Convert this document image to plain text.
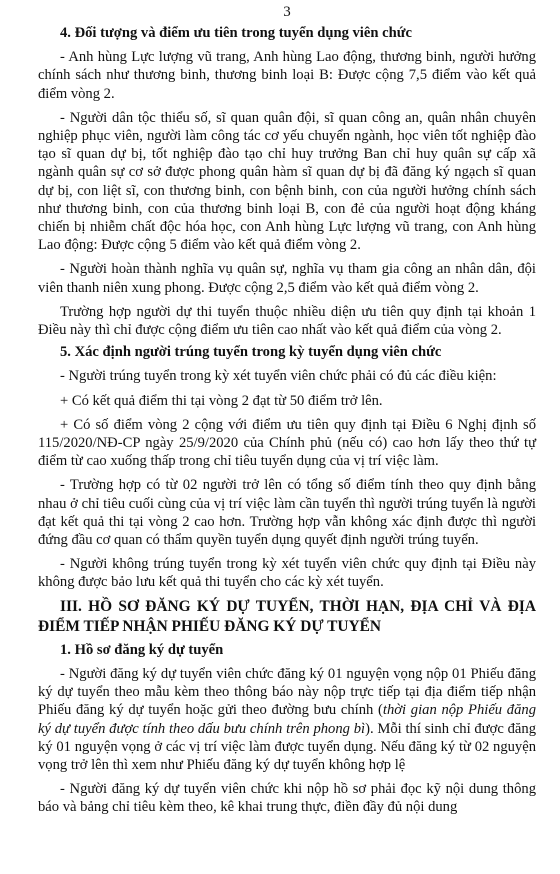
3

4. Đối tượng và điểm ưu tiên trong tuyển dụng viên chức

- Anh hùng Lực lượng vũ trang, Anh hùng Lao động, thương binh, người hưởng chính sách như thương binh, thương binh loại B: Được cộng 7,5 điểm vào kết quả điểm vòng 2.

- Người dân tộc thiểu số, sĩ quan quân đội, sĩ quan công an, quân nhân chuyên nghiệp phục viên, người làm công tác cơ yếu chuyển ngành, học viên tốt nghiệp đào tạo sĩ quan dự bị, tốt nghiệp đào tạo chỉ huy trưởng Ban chỉ huy quân sự cấp xã ngành quân sự cơ sở được phong quân hàm sĩ quan dự bị đã đăng ký ngạch sĩ quan dự bị, con liệt sĩ, con thương binh, con bệnh binh, con của người hưởng chính sách như thương binh, con của thương binh loại B, con đẻ của người hoạt động kháng chiến bị nhiễm chất độc hóa học, con Anh hùng Lực lượng vũ trang, con Anh hùng Lao động: Được cộng 5 điểm vào kết quả điểm vòng 2.

- Người hoàn thành nghĩa vụ quân sự, nghĩa vụ tham gia công an nhân dân, đội viên thanh niên xung phong. Được cộng 2,5 điểm vào kết quả điểm vòng 2.

Trường hợp người dự thi tuyển thuộc nhiều diện ưu tiên quy định tại khoản 1 Điều này thì chỉ được cộng điểm ưu tiên cao nhất vào kết quả điểm của vòng 2.

5. Xác định người trúng tuyển trong kỳ tuyển dụng viên chức

- Người trúng tuyển trong kỳ xét tuyển viên chức phải có đủ các điều kiện:

+ Có kết quả điểm thi tại vòng 2 đạt từ 50 điểm trở lên.

+ Có số điểm vòng 2 cộng với điểm ưu tiên quy định tại Điều 6 Nghị định số 115/2020/NĐ-CP ngày 25/9/2020 của Chính phủ (nếu có) cao hơn lấy theo thứ tự điểm từ cao xuống thấp trong chỉ tiêu tuyển dụng của vị trí việc làm.

- Trường hợp có từ 02 người trở lên có tổng số điểm tính theo quy định bằng nhau ở chỉ tiêu cuối cùng của vị trí việc làm cần tuyển thì người trúng tuyển là người đạt kết quả thi tại vòng 2 cao hơn. Trường hợp vẫn không xác định được thì người đứng đầu cơ quan có thẩm quyền tuyển dụng quyết định người trúng tuyển.

- Người không trúng tuyển trong kỳ xét tuyển viên chức quy định tại Điều này không được bảo lưu kết quả thi tuyển cho các kỳ xét tuyển.

III. HỒ SƠ ĐĂNG KÝ DỰ TUYỂN, THỜI HẠN, ĐỊA CHỈ VÀ ĐỊA ĐIỂM TIẾP NHẬN PHIẾU ĐĂNG KÝ DỰ TUYỂN

1. Hồ sơ đăng ký dự tuyển

- Người đăng ký dự tuyển viên chức đăng ký 01 nguyện vọng nộp 01 Phiếu đăng ký dự tuyển theo mẫu kèm theo thông báo này nộp trực tiếp tại địa điểm tiếp nhận Phiếu đăng ký dự tuyển hoặc gửi theo đường bưu chính (thời gian nộp Phiếu đăng ký dự tuyển được tính theo dấu bưu chính trên phong bì). Mỗi thí sinh chỉ được đăng ký 01 nguyện vọng ở các vị trí việc làm được tuyển dụng. Nếu đăng ký từ 02 nguyện vọng trở lên thì xem như Phiếu đăng ký dự tuyển không hợp lệ

- Người đăng ký dự tuyển viên chức khi nộp hồ sơ phải đọc kỹ nội dung thông báo và bảng chỉ tiêu kèm theo, kê khai trung thực, điền đầy đủ nội dung
